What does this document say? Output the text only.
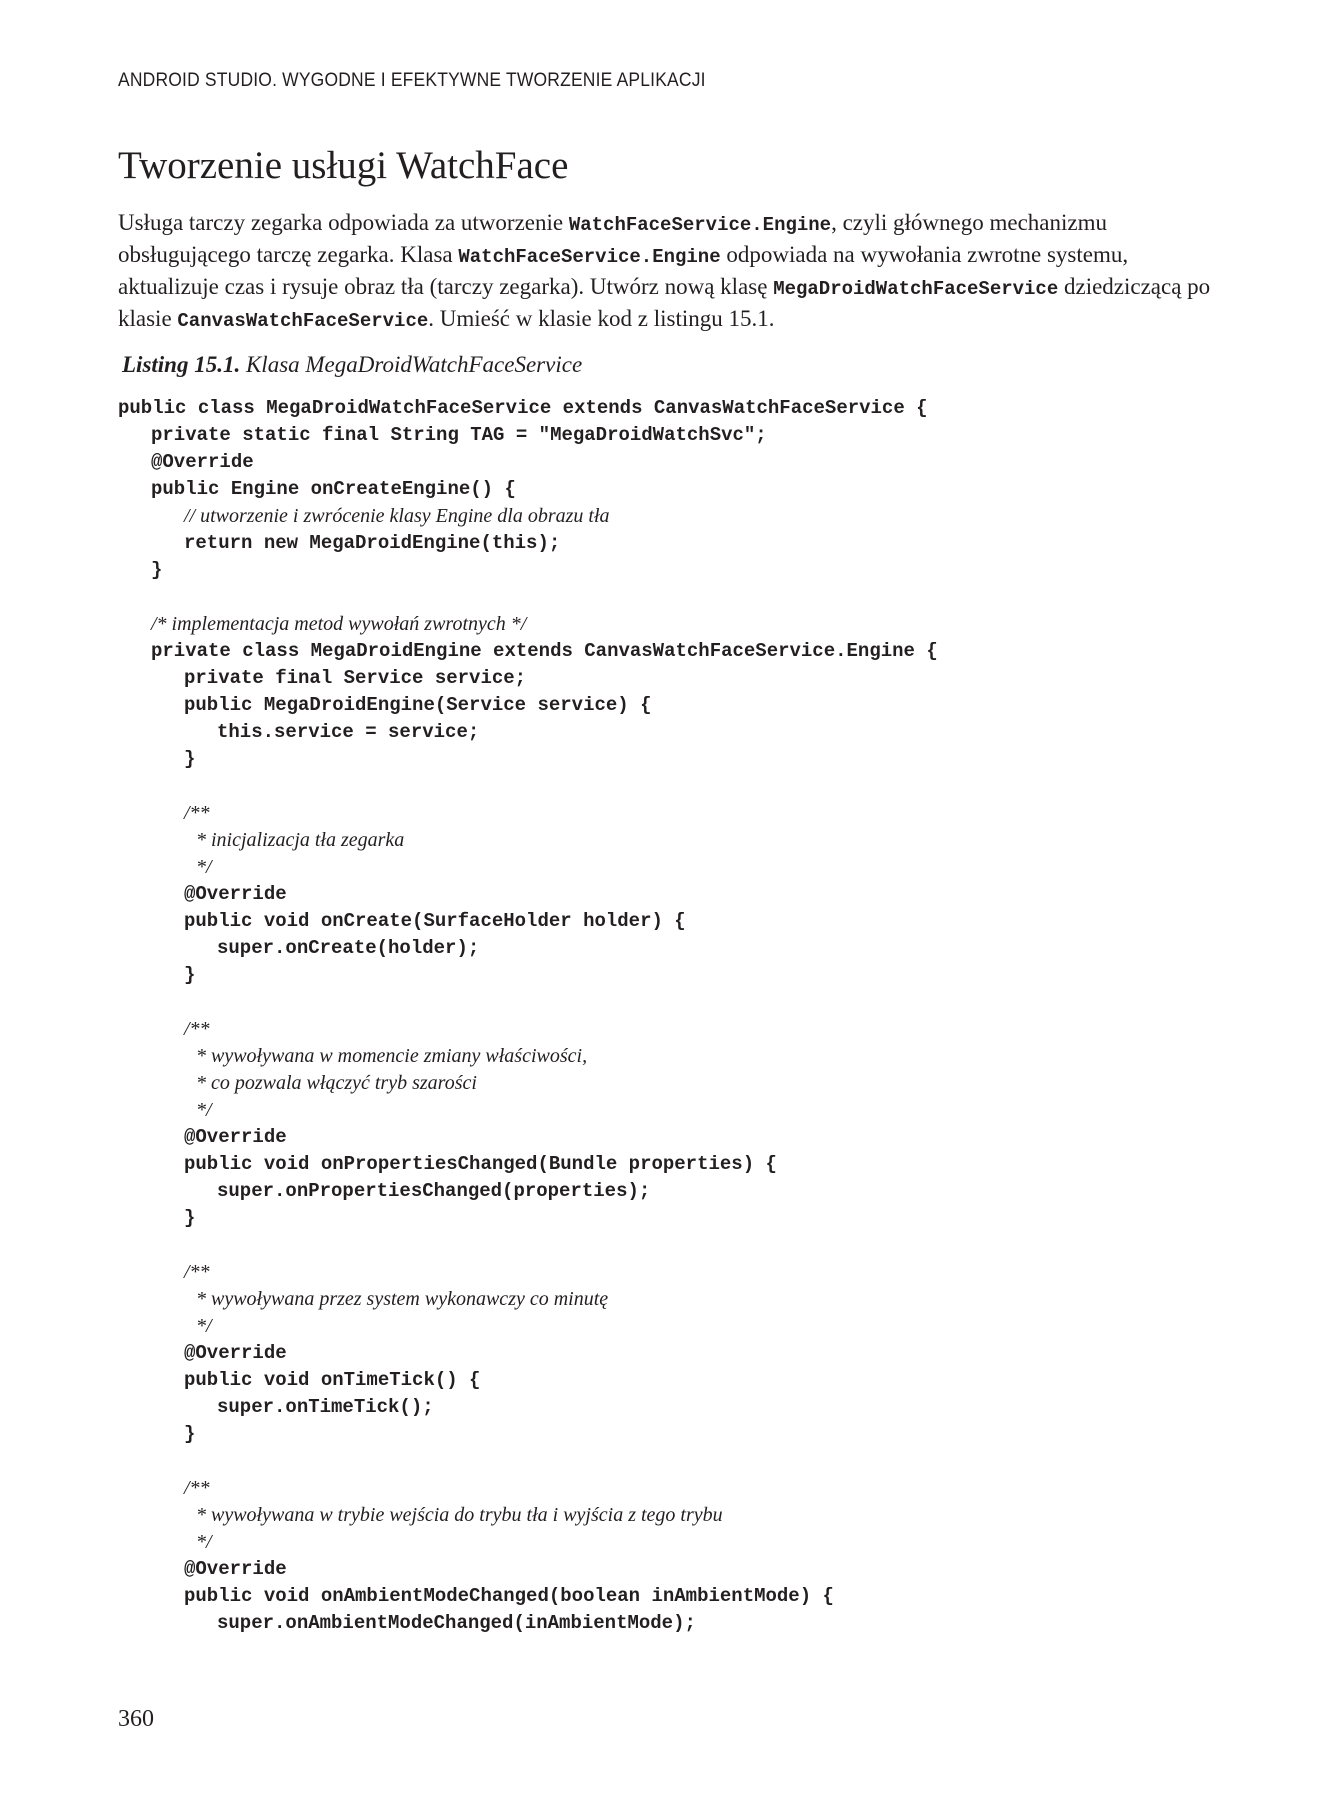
ANDROID STUDIO. WYGODNE I EFEKTYWNE TWORZENIE APLIKACJI
Tworzenie usługi WatchFace

Usługa tarczy zegarka odpowiada za utworzenie WatchFaceService.Engine, czyli głównego mechanizmu obsługującego tarczę zegarka. Klasa WatchFaceService.Engine odpowiada na wywołania zwrotne systemu, aktualizuje czas i rysuje obraz tła (tarczy zegarka). Utwórz nową klasę MegaDroidWatchFaceService dziedziczącą po klasie CanvasWatchFaceService. Umieść w klasie kod z listingu 15.1.

Listing 15.1. Klasa MegaDroidWatchFaceService
public class MegaDroidWatchFaceService extends CanvasWatchFaceService {
private static final String TAG = "MegaDroidWatchSvc";
@Override
public Engine onCreateEngine() {
// utworzenie i zwrócenie klasy Engine dla obrazu tła
return new MegaDroidEngine(this);
}
/* implementacja metod wywołań zwrotnych */
private class MegaDroidEngine extends CanvasWatchFaceService.Engine {
private final Service service;
public MegaDroidEngine(Service service) {
this.service = service;
}
/**
* inicjalizacja tła zegarka
*/
@Override
public void onCreate(SurfaceHolder holder) {
super.onCreate(holder);
}
/**
* wywoływana w momencie zmiany właściwości,
* co pozwala włączyć tryb szarości
*/
@Override
public void onPropertiesChanged(Bundle properties) {
super.onPropertiesChanged(properties);
}
/**
* wywoływana przez system wykonawczy co minutę
*/
@Override
public void onTimeTick() {
super.onTimeTick();
}
/**
* wywoływana w trybie wejścia do trybu tła i wyjścia z tego trybu
*/
@Override
public void onAmbientModeChanged(boolean inAmbientMode) {
super.onAmbientModeChanged(inAmbientMode);
360
